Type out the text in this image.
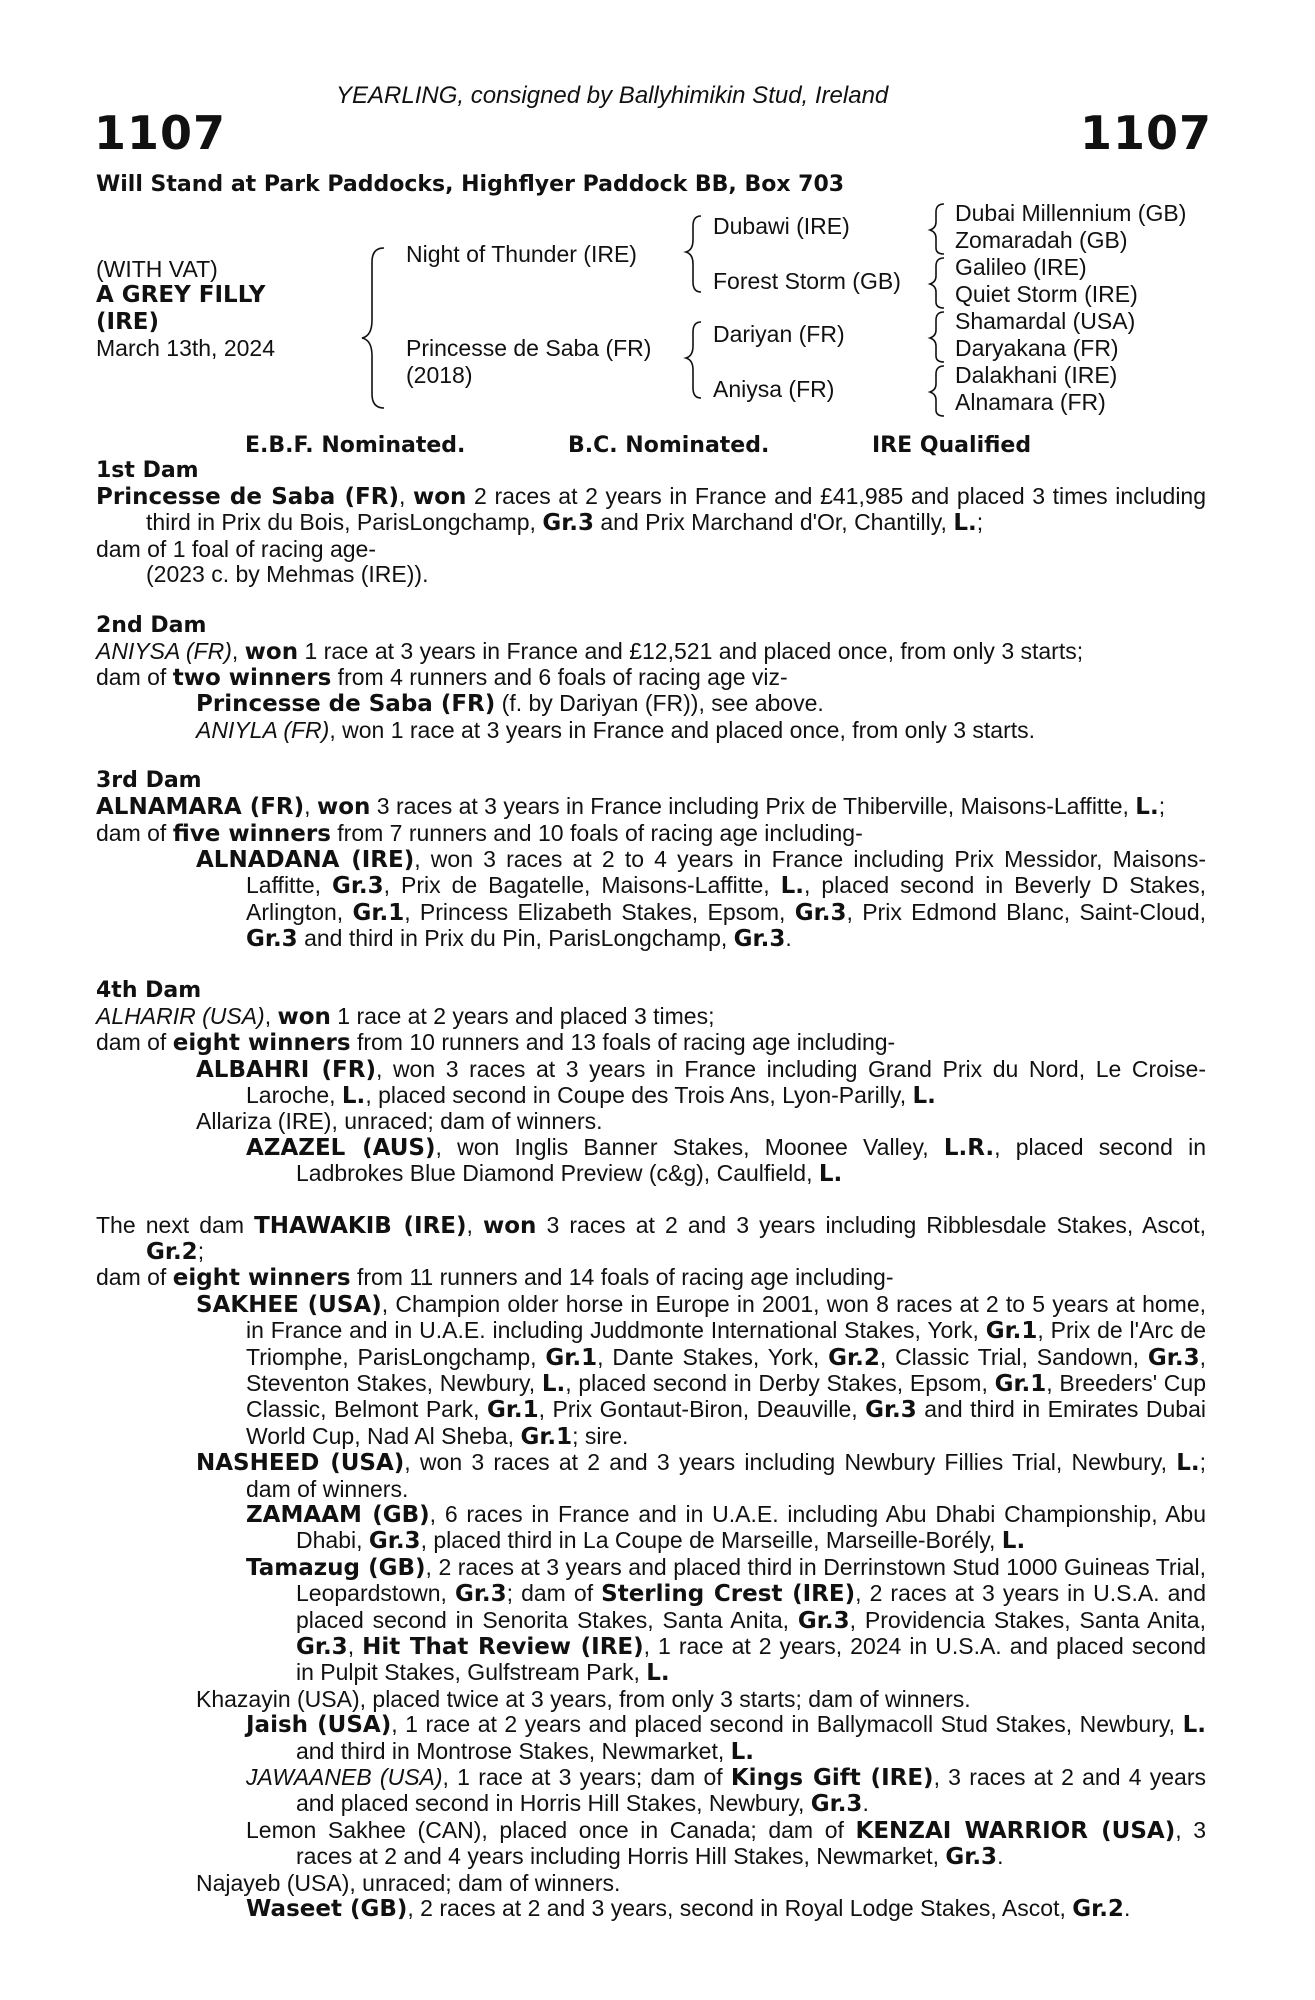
1107	1107
YEARLING, consigned by Ballyhimikin Stud, Ireland
Will Stand at Park Paddocks, Highflyer Paddock BB, Box 703
(WITH VAT)
A GREY FILLY
(IRE)
March 13th, 2024
Night of Thunder (IRE)
Princesse de Saba (FR)
(2018)
Dubawi (IRE)
Forest Storm (GB)
Dariyan (FR)
Aniysa (FR)
Dubai Millennium (GB)
Zomaradah (GB)
Galileo (IRE)
Quiet Storm (IRE)
Shamardal (USA)
Daryakana (FR)
Dalakhani (IRE)
Alnamara (FR)
E.B.F. Nominated.	B.C. Nominated.	IRE Qualified
1st Dam

Princesse de Saba (FR), won 2 races at 2 years in France and £41,985 and placed 3 times including third in Prix du Bois, ParisLongchamp, Gr.3 and Prix Marchand d'Or, Chantilly, L.;

dam of 1 foal of racing age-

(2023 c. by Mehmas (IRE)).

2nd Dam

ANIYSA (FR), won 1 race at 3 years in France and £12,521 and placed once, from only 3 starts;

dam of two winners from 4 runners and 6 foals of racing age viz-

Princesse de Saba (FR) (f. by Dariyan (FR)), see above.

ANIYLA (FR), won 1 race at 3 years in France and placed once, from only 3 starts.

3rd Dam

ALNAMARA (FR), won 3 races at 3 years in France including Prix de Thiberville, Maisons-Laffitte, L.;

dam of five winners from 7 runners and 10 foals of racing age including-

ALNADANA (IRE), won 3 races at 2 to 4 years in France including Prix Messidor, Maisons-Laffitte, Gr.3, Prix de Bagatelle, Maisons-Laffitte, L., placed second in Beverly D Stakes, Arlington, Gr.1, Princess Elizabeth Stakes, Epsom, Gr.3, Prix Edmond Blanc, Saint-Cloud, Gr.3 and third in Prix du Pin, ParisLongchamp, Gr.3.

4th Dam

ALHARIR (USA), won 1 race at 2 years and placed 3 times;

dam of eight winners from 10 runners and 13 foals of racing age including-

ALBAHRI (FR), won 3 races at 3 years in France including Grand Prix du Nord, Le Croise-Laroche, L., placed second in Coupe des Trois Ans, Lyon-Parilly, L.

Allariza (IRE), unraced; dam of winners.

AZAZEL (AUS), won Inglis Banner Stakes, Moonee Valley, L.R., placed second in Ladbrokes Blue Diamond Preview (c&g), Caulfield, L.

The next dam THAWAKIB (IRE), won 3 races at 2 and 3 years including Ribblesdale Stakes, Ascot, Gr.2;

dam of eight winners from 11 runners and 14 foals of racing age including-

SAKHEE (USA), Champion older horse in Europe in 2001, won 8 races at 2 to 5 years at home, in France and in U.A.E. including Juddmonte International Stakes, York, Gr.1, Prix de l'Arc de Triomphe, ParisLongchamp, Gr.1, Dante Stakes, York, Gr.2, Classic Trial, Sandown, Gr.3, Steventon Stakes, Newbury, L., placed second in Derby Stakes, Epsom, Gr.1, Breeders' Cup Classic, Belmont Park, Gr.1, Prix Gontaut-Biron, Deauville, Gr.3 and third in Emirates Dubai World Cup, Nad Al Sheba, Gr.1; sire.

NASHEED (USA), won 3 races at 2 and 3 years including Newbury Fillies Trial, Newbury, L.; dam of winners.

ZAMAAM (GB), 6 races in France and in U.A.E. including Abu Dhabi Championship, Abu Dhabi, Gr.3, placed third in La Coupe de Marseille, Marseille-Borély, L.

Tamazug (GB), 2 races at 3 years and placed third in Derrinstown Stud 1000 Guineas Trial, Leopardstown, Gr.3; dam of Sterling Crest (IRE), 2 races at 3 years in U.S.A. and placed second in Senorita Stakes, Santa Anita, Gr.3, Providencia Stakes, Santa Anita, Gr.3, Hit That Review (IRE), 1 race at 2 years, 2024 in U.S.A. and placed second in Pulpit Stakes, Gulfstream Park, L.

Khazayin (USA), placed twice at 3 years, from only 3 starts; dam of winners.

Jaish (USA), 1 race at 2 years and placed second in Ballymacoll Stud Stakes, Newbury, L. and third in Montrose Stakes, Newmarket, L.

JAWAANEB (USA), 1 race at 3 years; dam of Kings Gift (IRE), 3 races at 2 and 4 years and placed second in Horris Hill Stakes, Newbury, Gr.3.

Lemon Sakhee (CAN), placed once in Canada; dam of KENZAI WARRIOR (USA), 3 races at 2 and 4 years including Horris Hill Stakes, Newmarket, Gr.3.

Najayeb (USA), unraced; dam of winners.

Waseet (GB), 2 races at 2 and 3 years, second in Royal Lodge Stakes, Ascot, Gr.2.
